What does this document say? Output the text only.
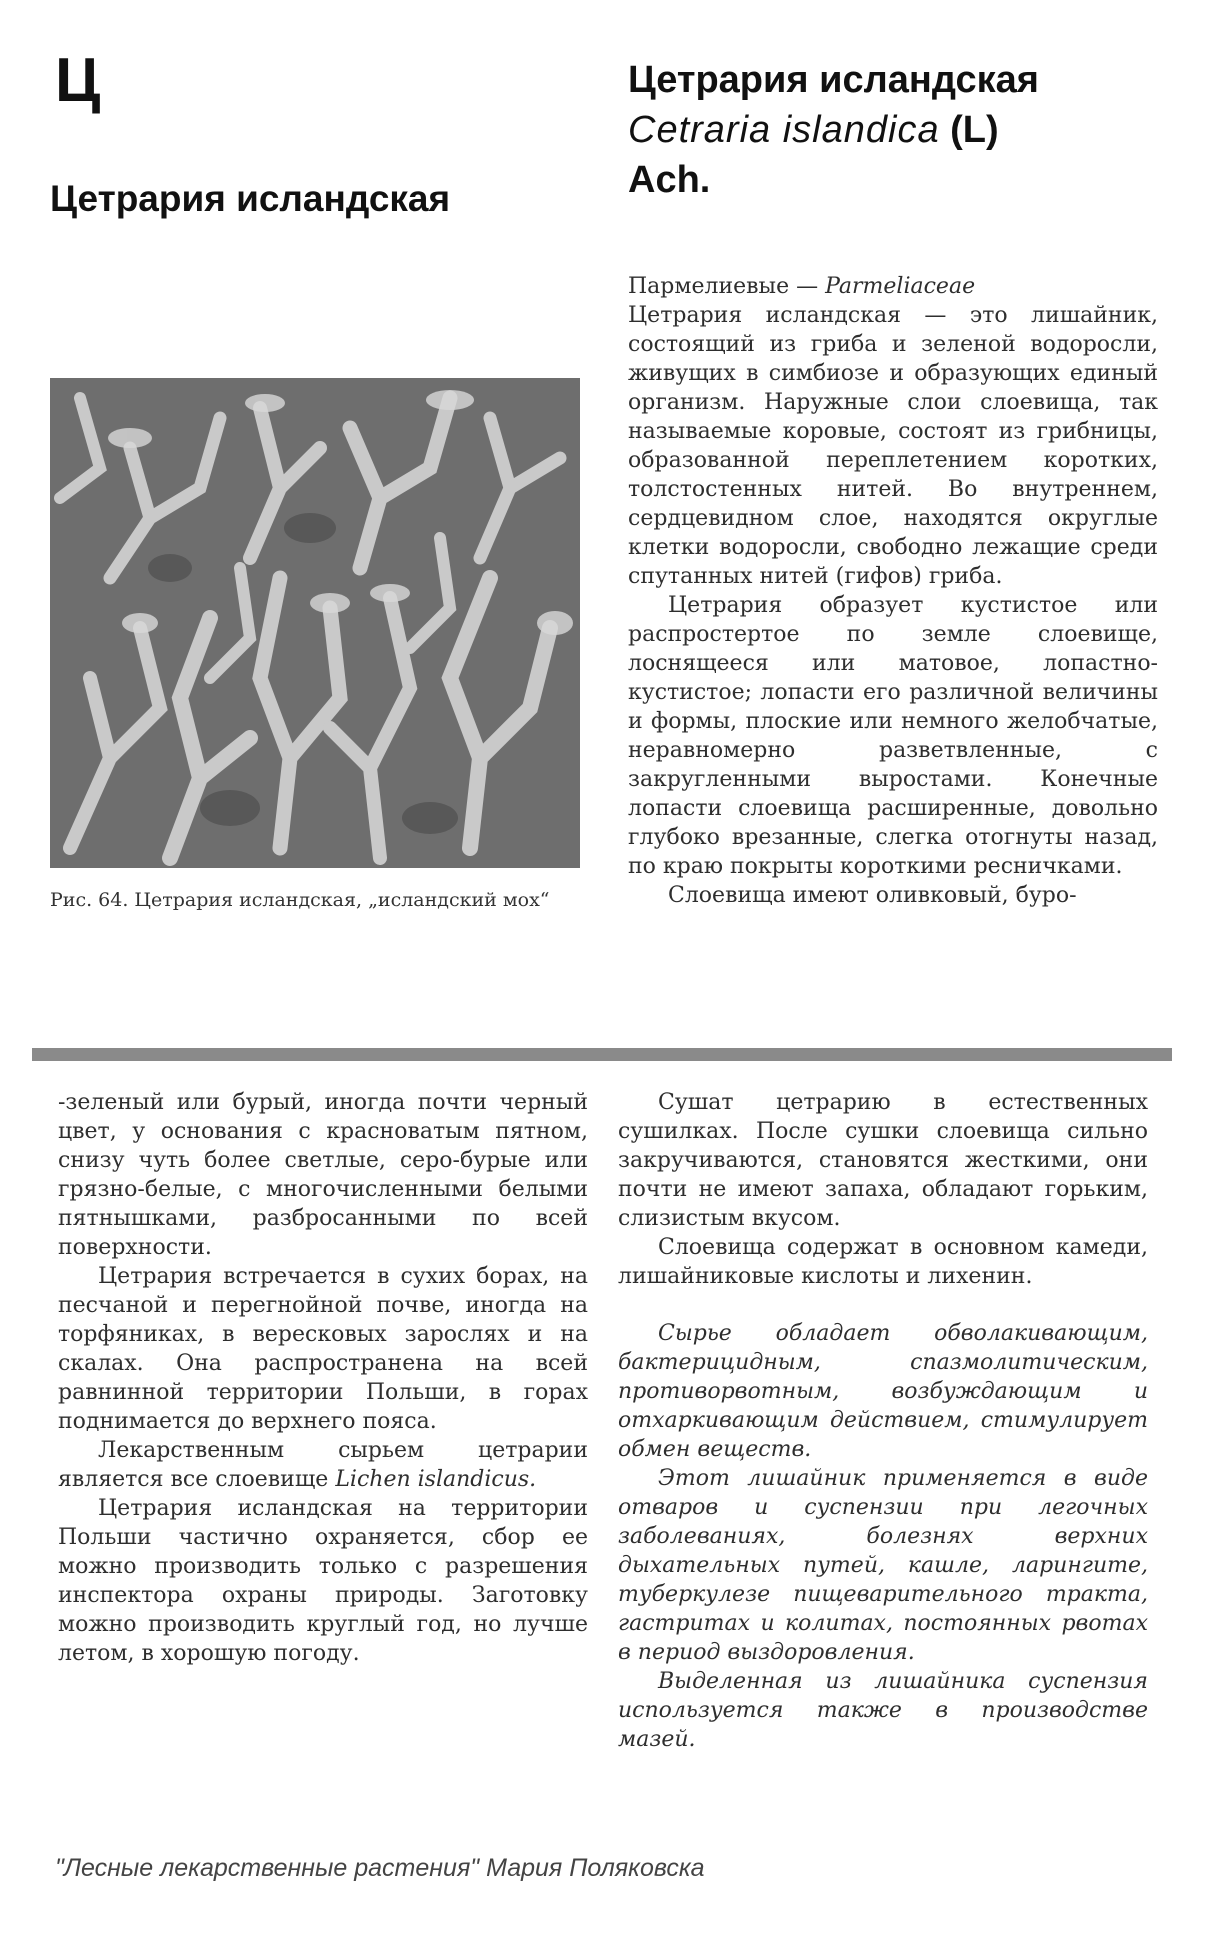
Ц
Цетрария исландская
Цетрария исландская
Cetraria islandica (L)
Ach.
Рис. 64. Цетрария исландская, „исландский мох“
Пармелиевые — Parmeliaceae

Цетрария исландская — это лишайник, состоящий из гриба и зеленой водоросли, живущих в симбиозе и образующих единый организм. Наружные слои слоевища, так называемые коровые, состоят из грибницы, образованной переплетением коротких, толстостенных нитей. Во внутреннем, сердцевидном слое, находятся округлые клетки водоросли, свободно лежащие среди спутанных нитей (гифов) гриба.

Цетрария образует кустистое или распростертое по земле слоевище, лоснящееся или матовое, лопастно-кустистое; лопасти его различной величины и формы, плоские или немного желобчатые, неравномерно разветвленные, с закругленными выростами. Конечные лопасти слоевища расширенные, довольно глубоко врезанные, слегка отогнуты назад, по краю покрыты короткими ресничками.

Слоевища имеют оливковый, буро-

-зеленый или бурый, иногда почти черный цвет, у основания с красноватым пятном, снизу чуть более светлые, серо-бурые или грязно-белые, с многочисленными белыми пятнышками, разбросанными по всей поверхности.

Цетрария встречается в сухих борах, на песчаной и перегнойной почве, иногда на торфяниках, в вересковых зарослях и на скалах. Она распространена на всей равнинной территории Польши, в горах поднимается до верхнего пояса.

Лекарственным сырьем цетрарии является все слоевище Lichen islandicus.

Цетрария исландская на территории Польши частично охраняется, сбор ее можно производить только с разрешения инспектора охраны природы. Заготовку можно производить круглый год, но лучше летом, в хорошую погоду.

Сушат цетрарию в естественных сушилках. После сушки слоевища сильно закручиваются, становятся жесткими, они почти не имеют запаха, обладают горьким, слизистым вкусом.

Слоевища содержат в основном камеди, лишайниковые кислоты и лихенин.

Сырье обладает обволакивающим, бактерицидным, спазмолитическим, противорвотным, возбуждающим и отхаркивающим действием, стимулирует обмен веществ.

Этот лишайник применяется в виде отваров и суспензии при легочных заболеваниях, болезнях верхних дыхательных путей, кашле, ларингите, туберкулезе пищеварительного тракта, гастритах и колитах, постоянных рвотах в период выздоровления.

Выделенная из лишайника суспензия используется также в производстве мазей.

"Лесные лекарственные растения" Мария Поляковска
